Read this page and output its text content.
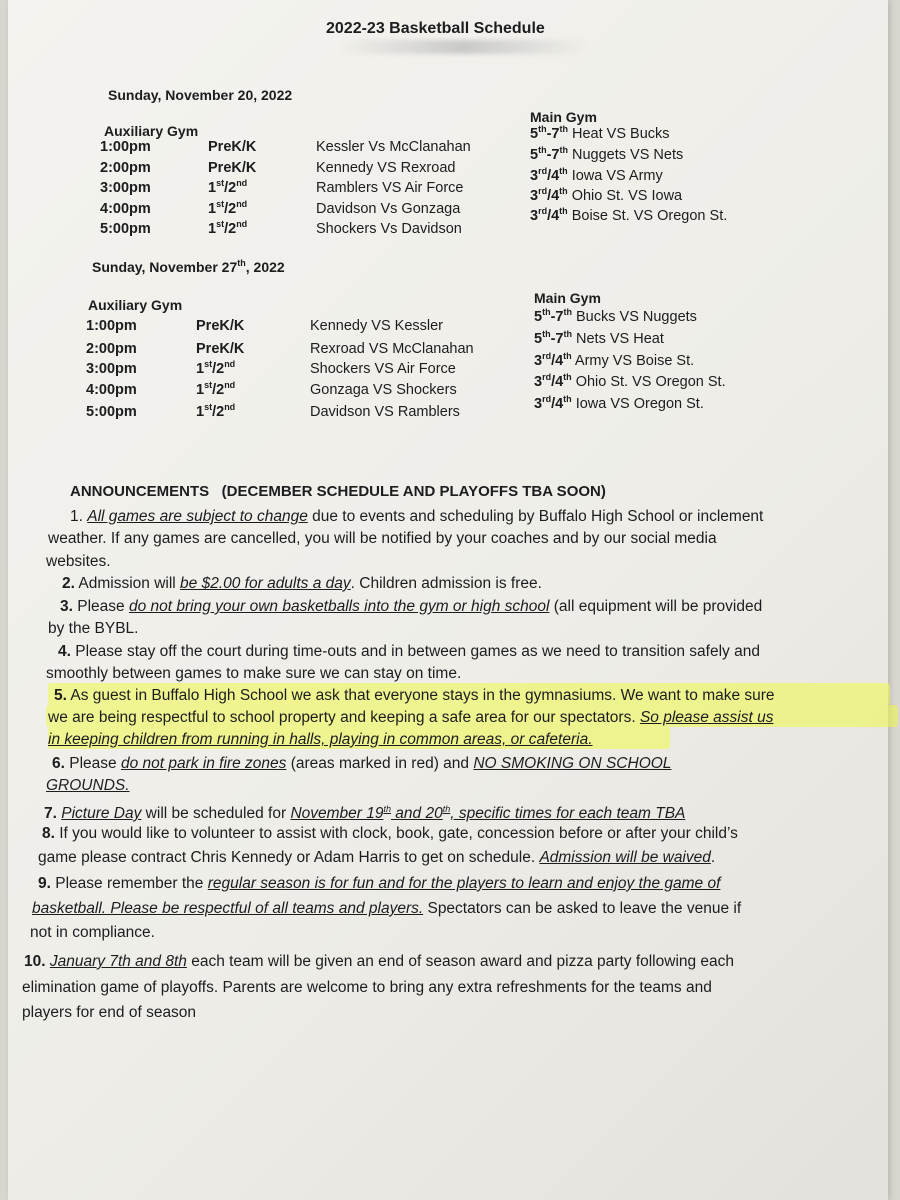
2022-23 Basketball Schedule
Sunday, November 20, 2022
Auxiliary Gym
Main Gym
1:00pm	PreK/K	Kessler Vs McClanahan
2:00pm	PreK/K	Kennedy VS Rexroad
3:00pm	1st/2nd	Ramblers VS Air Force
4:00pm	1st/2nd	Davidson Vs Gonzaga
5:00pm	1st/2nd	Shockers Vs Davidson
5th-7th Heat VS Bucks
5th-7th Nuggets VS Nets
3rd/4th Iowa VS Army
3rd/4th Ohio St. VS Iowa
3rd/4th Boise St. VS Oregon St.
Sunday, November 27th, 2022
Auxiliary Gym	Main Gym
1:00pm	PreK/K	Kennedy VS Kessler
2:00pm	PreK/K	Rexroad VS McClanahan
3:00pm	1st/2nd	Shockers VS Air Force
4:00pm	1st/2nd	Gonzaga VS Shockers
5:00pm	1st/2nd	Davidson VS Ramblers
5th-7th Bucks VS Nuggets
5th-7th Nets VS Heat
3rd/4th Army VS Boise St.
3rd/4th Ohio St. VS Oregon St.
3rd/4th Iowa VS Oregon St.
ANNOUNCEMENTS   (DECEMBER SCHEDULE AND PLAYOFFS TBA SOON)
1. All games are subject to change due to events and scheduling by Buffalo High School or inclement
weather. If any games are cancelled, you will be notified by your coaches and by our social media
websites.
2. Admission will be $2.00 for adults a day. Children admission is free.
3. Please do not bring your own basketballs into the gym or high school (all equipment will be provided
by the BYBL.
4. Please stay off the court during time-outs and in between games as we need to transition safely and
smoothly between games to make sure we can stay on time.
5. As guest in Buffalo High School we ask that everyone stays in the gymnasiums. We want to make sure
we are being respectful to school property and keeping a safe area for our spectators. So please assist us
in keeping children from running in halls, playing in common areas, or cafeteria.
6. Please do not park in fire zones (areas marked in red) and NO SMOKING ON SCHOOL
GROUNDS.
7. Picture Day will be scheduled for November 19th and 20th, specific times for each team TBA
8. If you would like to volunteer to assist with clock, book, gate, concession before or after your child’s
game please contract Chris Kennedy or Adam Harris to get on schedule. Admission will be waived.
9. Please remember the regular season is for fun and for the players to learn and enjoy the game of
basketball. Please be respectful of all teams and players. Spectators can be asked to leave the venue if
not in compliance.
10. January 7th and 8th each team will be given an end of season award and pizza party following each
elimination game of playoffs. Parents are welcome to bring any extra refreshments for the teams and
players for end of season
